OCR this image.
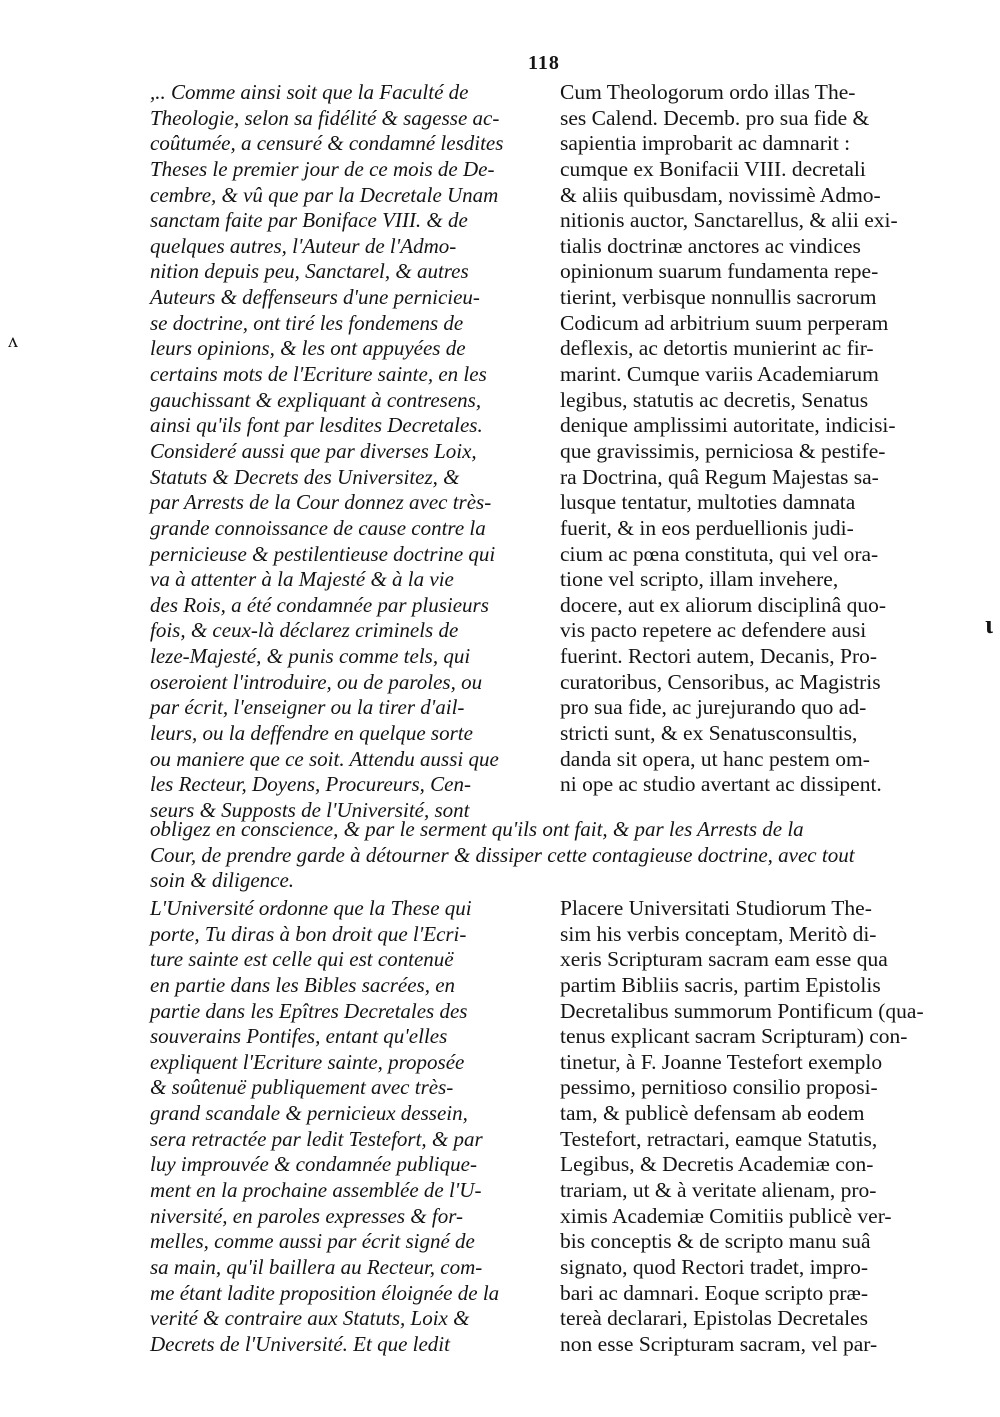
118
ᴧ
ɩ
,.. Comme ainsi soit que la Faculté de
Theologie, selon sa fidélité & sagesse ac-
coûtumée, a censuré & condamné lesdites
Theses le premier jour de ce mois de De-
cembre, & vû que par la Decretale Unam
sanctam faite par Boniface VIII. & de
quelques autres, l'Auteur de l'Admo-
nition depuis peu, Sanctarel, & autres
Auteurs & deffenseurs d'une pernicieu-
se doctrine, ont tiré les fondemens de
leurs opinions, & les ont appuyées de
certains mots de l'Ecriture sainte, en les
gauchissant & expliquant à contresens,
ainsi qu'ils font par lesdites Decretales.
Consideré aussi que par diverses Loix,
Statuts & Decrets des Universitez, &
par Arrests de la Cour donnez avec très-
grande connoissance de cause contre la
pernicieuse & pestilentieuse doctrine qui
va à attenter à la Majesté & à la vie
des Rois, a été condamnée par plusieurs
fois, & ceux-là déclarez criminels de
leze-Majesté, & punis comme tels, qui
oseroient l'introduire, ou de paroles, ou
par écrit, l'enseigner ou la tirer d'ail-
leurs, ou la deffendre en quelque sorte
ou maniere que ce soit. Attendu aussi que
les Recteur, Doyens, Procureurs, Cen-
seurs & Supposts de l'Université, sont
Cum Theologorum ordo illas The-
ses Calend. Decemb. pro sua fide &
sapientia improbarit ac damnarit :
cumque ex Bonifacii VIII. decretali
& aliis quibusdam, novissimè Admo-
nitionis auctor, Sanctarellus, & alii exi-
tialis doctrinæ anctores ac vindices
opinionum suarum fundamenta repe-
tierint, verbisque nonnullis sacrorum
Codicum ad arbitrium suum perperam
deflexis, ac detortis munierint ac fir-
marint. Cumque variis Academiarum
legibus, statutis ac decretis, Senatus
denique amplissimi autoritate, indicisi-
que gravissimis, perniciosa & pestife-
ra Doctrina, quâ Regum Majestas sa-
lusque tentatur, multoties damnata
fuerit, & in eos perduellionis judi-
cium ac pœna constituta, qui vel ora-
tione vel scripto, illam invehere,
docere, aut ex aliorum disciplinâ quo-
vis pacto repetere ac defendere ausi
fuerint. Rectori autem, Decanis, Pro-
curatoribus, Censoribus, ac Magistris
pro sua fide, ac jurejurando quo ad-
stricti sunt, & ex Senatusconsultis,
danda sit opera, ut hanc pestem om-
ni ope ac studio avertant ac dissipent.
obligez en conscience, & par le serment qu'ils ont fait, & par les Arrests de la
Cour, de prendre garde à détourner & dissiper cette contagieuse doctrine, avec tout
soin & diligence.
L'Université ordonne que la These qui
porte, Tu diras à bon droit que l'Ecri-
ture sainte est celle qui est contenuë
en partie dans les Bibles sacrées, en
partie dans les Epîtres Decretales des
souverains Pontifes, entant qu'elles
expliquent l'Ecriture sainte, proposée
& soûtenuë publiquement avec très-
grand scandale & pernicieux dessein,
sera retractée par ledit Testefort, & par
luy improuvée & condamnée publique-
ment en la prochaine assemblée de l'U-
niversité, en paroles expresses & for-
melles, comme aussi par écrit signé de
sa main, qu'il baillera au Recteur, com-
me étant ladite proposition éloignée de la
verité & contraire aux Statuts, Loix &
Decrets de l'Université. Et que ledit
Placere Universitati Studiorum The-
sim his verbis conceptam, Meritò di-
xeris Scripturam sacram eam esse qua
partim Bibliis sacris, partim Epistolis
Decretalibus summorum Pontificum (qua-
tenus explicant sacram Scripturam) con-
tinetur, à F. Joanne Testefort exemplo
pessimo, pernitioso consilio proposi-
tam, & publicè defensam ab eodem
Testefort, retractari, eamque Statutis,
Legibus, & Decretis Academiæ con-
trariam, ut & à veritate alienam, pro-
ximis Academiæ Comitiis publicè ver-
bis conceptis & de scripto manu suâ
signato, quod Rectori tradet, impro-
bari ac damnari. Eoque scripto præ-
tereà declarari, Epistolas Decretales
non esse Scripturam sacram, vel par-
